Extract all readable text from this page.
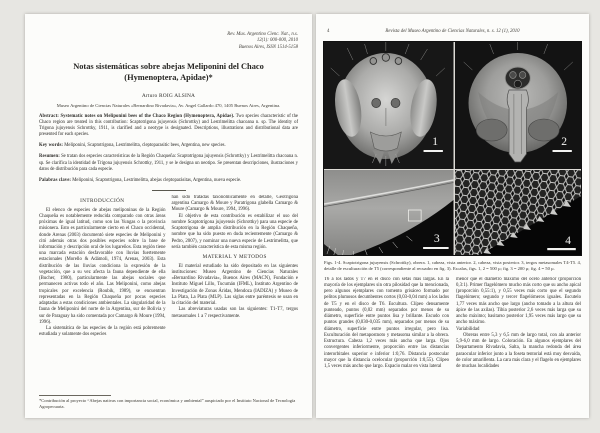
Rev. Mus. Argentino Cienc. Nat., n.s.
12(1): 000-000, 2010
Buenos Aires, ISSN 1514-5158
Notas sistemáticas sobre abejas Meliponini del Chaco
(Hymenoptera, Apidae)*
Arturo ROIG ALSINA
Museo Argentino de Ciencias Naturales «Bernardino Rivadavia», Av. Angel Gallardo 470, 1405 Buenos Aires, Argentina.

Abstract: Systematic notes on Meliponini bees of the Chaco Region (Hymenoptera, Apidae). Two species characteristic of the Chaco region are treated in this contribution: Scaptotrigona jujuyensis (Schrottky) and Lestrimelitta chacoana n. sp. The identity of Trigona jujuyensis Schrottky, 1911, is clarified and a neotype is designated. Descriptions, illustrations and distributional data are presented for each species.

Key words: Meliponini, Scaptotrigona, Lestrimelitta, cleptoparasitic bees, Argentina, new species.

Resumen: Se tratan dos especies características de la Región Chaqueña: Scaptotrigona jujuyensis (Schrottky) y Lestrimelitta chacoana n. sp. Se clarifica la identidad de Trigona jujuyensis Schrottky, 1911, y se le designa un neotipo. Se presentan descripciones, ilustraciones y datos de distribución para cada especie.

Palabras clave: Meliponini, Scaptotrigona, Lestrimelitta, abejas cleptoparásitas, Argentina, nueva especie.

INTRODUCCIÓN

El elenco de especies de abejas meliponinas de la Región Chaqueña es notablemente reducida comparado con otras áreas próximas de igual latitud, como son las Yungas o la provincia misionera. Esto es particularmente cierto en el Chaco occidental, donde Arenas (2003) documentó siete especies de Meliponini y citó además otras dos posibles especies sobre la base de información y descripción oral de los lugareños. Esta región tiene una marcada estación desfavorable con lluvias fuertemente estacionales (Morello & Adámoli, 1974, Arenas, 2003). Esta distribución de las lluvias condiciona la expresión de la vegetación, que a su vez afecta la fauna dependiente de ella (Bucher, 1980), particularmente las abejas sociales que permanecen activas todo el año. Las Meliponini, como abejas tropicales por excelencia (Roubik, 1989), se encuentran representadas en la Región Chaqueña por pocas especies adaptadas a estas condiciones ambientales. La singularidad de la fauna de Meliponini del norte de la Argentina, sur de Bolivia y sur de Paraguay ha sido comentada por Camargo & Moure (1994, 1996).

La sistemática de las especies de la región está pobremente estudiada y solamente dos especies

han sido tratadas taxonómicamente en detalle, Geotrigona argentina Camargo & Moure y Paratrigona glabella Camargo & Moure (Camargo & Moure, 1994, 1996).

El objetivo de esta contribución es estabilizar el uso del nombre Scaptotrigona jujuyensis (Schrottky) para una especie de Scaptotrigona de amplia distribución en la Región Chaqueña, nombre que ha sido puesto en duda recientemente (Camargo & Pedro, 2007), y nominar una nueva especie de Lestrimelitta, que sería también característica de esta misma región.

MATERIAL Y METODOS

El material estudiado ha sido depositado en las siguientes instituciones: Museo Argentino de Ciencias Naturales «Bernardino Rivadavia», Buenos Aires (MACN), Fundación e Instituto Miguel Lillo, Tucumán (IFML), Instituto Argentino de Investigación de Zonas Áridas, Mendoza (IADIZA) y Museo de La Plata, La Plata (MLP). Las siglas entre paréntesis se usan en la citación del material.

Las abreviaturas usadas son las siguientes: T1-T7, tergos metasomales 1 a 7 respectivamente.

*Contribución al proyecto “Abejas nativas con importancia social, económica y ambiental” auspiciado por el Instituto Nacional de Tecnología Agropecuaria.

4	Revista del Museo Argentino de Ciencias Naturales, n. s. 12 (1), 2010
1	2
3	4

Figs. 1-4. Scaptotrigona jujuyensis (Schrottky), obrera. 1, cabeza, vista anterior. 2, cabeza, vista posterior. 3, tergos metasomales T4-T5. 4, detalle de esculturación de T5 (correspondiente al recuadro en fig. 3). Escalas, figs. 1, 2 = 500 µ; fig. 3 = 200 µ; fig. 4 = 50 µ.

T6 a los lados y T7 en el disco con setas más largas. En la mayoría de los ejemplares sin otra pilosidad que la mencionada, pero algunos ejemplares con tomento grisáceo formado por pelitos plumosos decumbentes cortos (0,03-0,04 mm) a los lados de T5 y en el disco de T6. Escultura. Clípeo densamente punteado, puntos (0,02 mm) separados por menos de su diámetro, superficie entre puntos lisa y brillante. Escudo con puntos grandes (0,030-0,035 mm), separados por menos de su diámetro, superficie entre puntos irregular, pero lisa. Esculturación del metapostnoto y metasoma similar a la obrera. Estructura. Cabeza 1,2 veces más ancha que larga. Ojos convergentes inferiormente, proporción entre las distancias interorbitales superior e inferior 1:0,76. Distancia postocular mayor que la distancia ocelocular (proporción 1:0,55). Clípeo 1,5 veces más ancho que largo. Espacio malar en vista lateral

menor que el diámetro máximo del ocelo anterior (proporción 0,3:1). Primer flagelómero mucho más corto que su ancho apical (proporción 0,55:1), y 0,55 veces más corto que el segundo flagelómero; segundo y tercer flagelómeros iguales. Escutelo 1,77 veces más ancho que largo (ancho tomado a la altura del ápice de las axilas). Tibia posterior 2,6 veces más larga que su ancho máximo; basitarso posterior 1,95 veces más largo que su ancho máximo.

Variabilidad

Obreras entre 5,3 y 6,5 mm de largo total, con ala anterior 5,9-6,0 mm de largo. Coloración. En algunos ejemplares del Departamento Rivadavia, Salta, la mancha redonda del área paraocular inferior junto a la foseta tentorial está muy desvaída, de color amarillenta. La cara más clara y el flagelo en ejemplares de muchas localidades
